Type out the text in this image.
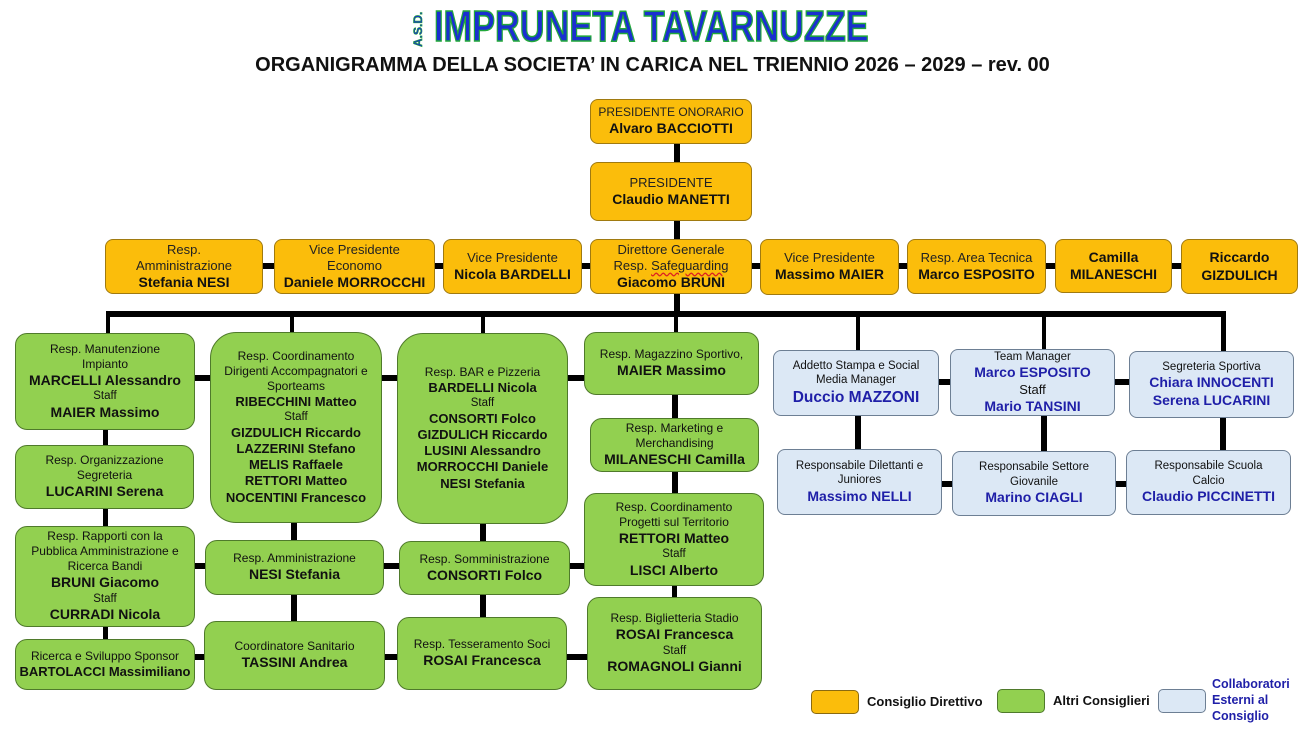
A.S.D. IMPRUNETA TAVARNUZZE
ORGANIGRAMMA DELLA SOCIETA’ IN CARICA NEL TRIENNIO 2026 – 2029 – rev. 00
PRESIDENTE ONORARIO
Alvaro BACCIOTTI
PRESIDENTE
Claudio MANETTI
Resp. Amministrazione
Stefania NESI
Vice Presidente Economo
Daniele MORROCCHI
Vice Presidente
Nicola BARDELLI
Direttore Generale
Resp. Safeguarding
Giacomo BRUNI
Vice Presidente
Massimo MAIER
Resp. Area Tecnica
Marco ESPOSITO
Camilla
MILANESCHI
Riccardo
GIZDULICH
Resp. Manutenzione Impianto
MARCELLI Alessandro
Staff
MAIER Massimo
Resp. Organizzazione Segreteria
LUCARINI Serena
Resp. Rapporti con la Pubblica Amministrazione e Ricerca Bandi
BRUNI Giacomo
Staff
CURRADI Nicola
Ricerca e Sviluppo Sponsor
BARTOLACCI Massimiliano
Resp. Coordinamento Dirigenti Accompagnatori e Sporteams
RIBECCHINI Matteo
Staff
GIZDULICH Riccardo
LAZZERINI Stefano
MELIS Raffaele
RETTORI Matteo
NOCENTINI Francesco
Resp. Amministrazione
NESI Stefania
Coordinatore Sanitario
TASSINI Andrea
Resp. BAR e Pizzeria
BARDELLI Nicola
Staff
CONSORTI Folco
GIZDULICH Riccardo
LUSINI Alessandro
MORROCCHI Daniele
NESI Stefania
Resp. Somministrazione
CONSORTI Folco
Resp. Tesseramento Soci
ROSAI Francesca
Resp. Magazzino Sportivo,
MAIER Massimo
Resp. Marketing e Merchandising
MILANESCHI Camilla
Resp. Coordinamento Progetti sul Territorio
RETTORI Matteo
Staff
LISCI Alberto
Resp. Biglietteria Stadio
ROSAI Francesca
Staff
ROMAGNOLI Gianni
Addetto Stampa e Social Media Manager
Duccio MAZZONI
Team Manager
Marco ESPOSITO
Staff
Mario TANSINI
Segreteria Sportiva
Chiara INNOCENTI
Serena LUCARINI
Responsabile Dilettanti e Juniores
Massimo NELLI
Responsabile Settore Giovanile
Marino CIAGLI
Responsabile Scuola Calcio
Claudio PICCINETTI
Consiglio Direttivo	Altri Consiglieri
Collaboratori Esterni al Consiglio
